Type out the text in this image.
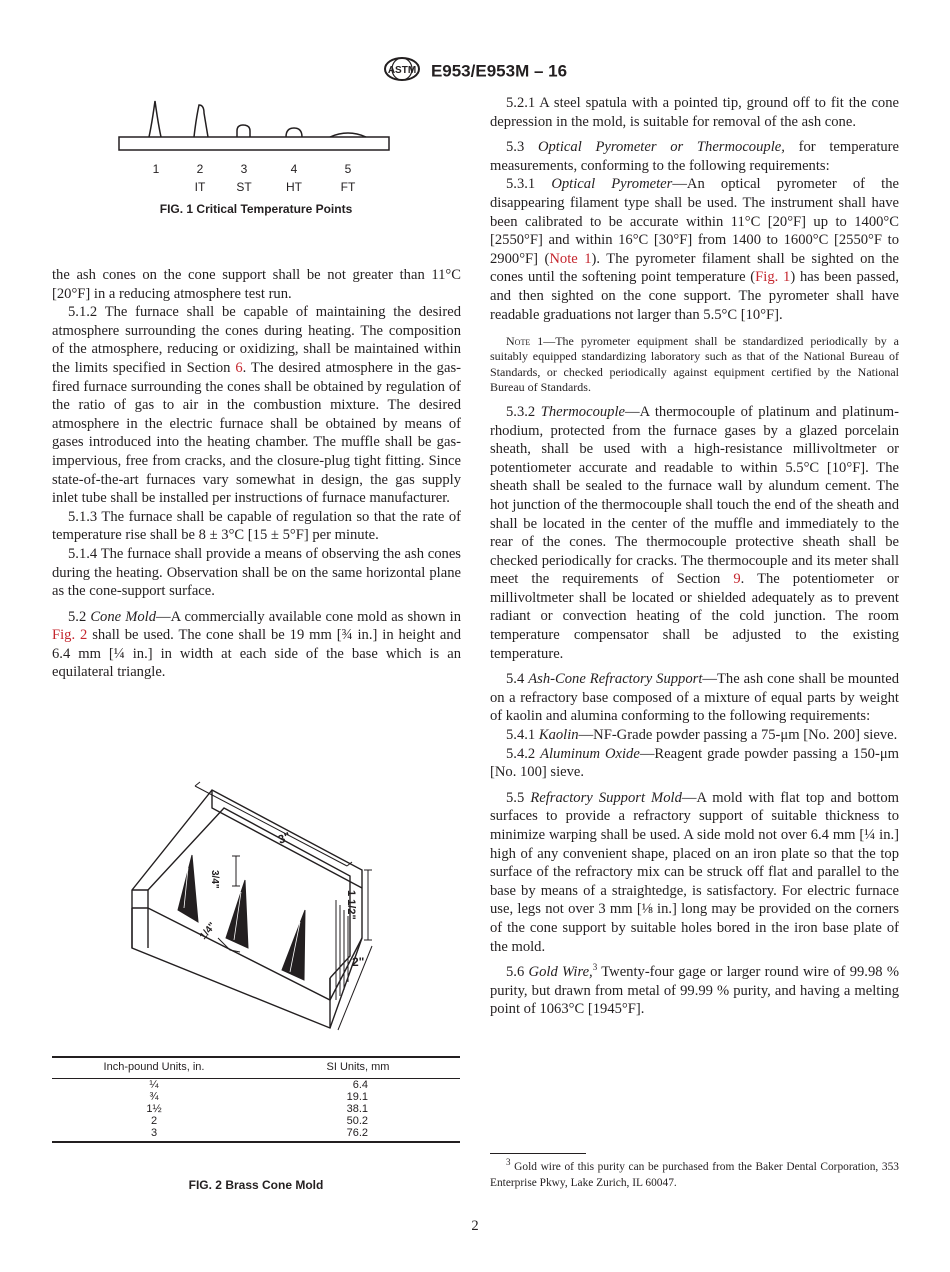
ASTM E953/E953M – 16
1	2	3	4	5
IT	ST	HT	FT
FIG. 1 Critical Temperature Points

the ash cones on the cone support shall be not greater than 11°C [20°F] in a reducing atmosphere test run.

5.1.2 The furnace shall be capable of maintaining the desired atmosphere surrounding the cones during heating. The composition of the atmosphere, reducing or oxidizing, shall be maintained within the limits specified in Section 6. The desired atmosphere in the gas-fired furnace surrounding the cones shall be obtained by regulation of the ratio of gas to air in the combustion mixture. The desired atmosphere in the electric furnace shall be obtained by means of gases introduced into the heating chamber. The muffle shall be gas-impervious, free from cracks, and the closure-plug tight fitting. Since state-of-the-art furnaces vary somewhat in design, the gas supply inlet tube shall be installed per instructions of furnace manufacturer.

5.1.3 The furnace shall be capable of regulation so that the rate of temperature rise shall be 8 ± 3°C [15 ± 5°F] per minute.

5.1.4 The furnace shall provide a means of observing the ash cones during the heating. Observation shall be on the same horizontal plane as the cone-support surface.

5.2 Cone Mold—A commercially available cone mold as shown in Fig. 2 shall be used. The cone shall be 19 mm [¾ in.] in height and 6.4 mm [¼ in.] in width at each side of the base which is an equilateral triangle.

3"
3/4"
1 1/2"
1/4"
2"
Inch-pound Units, in.	SI Units, mm
¼	6.4
¾	19.1
1½	38.1
2	50.2
3	76.2
FIG. 2 Brass Cone Mold

5.2.1 A steel spatula with a pointed tip, ground off to fit the cone depression in the mold, is suitable for removal of the ash cone.

5.3 Optical Pyrometer or Thermocouple, for temperature measurements, conforming to the following requirements:

5.3.1 Optical Pyrometer—An optical pyrometer of the disappearing filament type shall be used. The instrument shall have been calibrated to be accurate within 11°C [20°F] up to 1400°C [2550°F] and within 16°C [30°F] from 1400 to 1600°C [2550°F to 2900°F] (Note 1). The pyrometer filament shall be sighted on the cones until the softening point temperature (Fig. 1) has been passed, and then sighted on the cone support. The pyrometer shall have readable graduations not larger than 5.5°C [10°F].

Note 1—The pyrometer equipment shall be standardized periodically by a suitably equipped standardizing laboratory such as that of the National Bureau of Standards, or checked periodically against equipment certified by the National Bureau of Standards.

5.3.2 Thermocouple—A thermocouple of platinum and platinum-rhodium, protected from the furnace gases by a glazed porcelain sheath, shall be used with a high-resistance millivoltmeter or potentiometer accurate and readable to within 5.5°C [10°F]. The sheath shall be sealed to the furnace wall by alundum cement. The hot junction of the thermocouple shall touch the end of the sheath and shall be located in the center of the muffle and immediately to the rear of the cones. The thermocouple protective sheath shall be checked periodically for cracks. The thermocouple and its meter shall meet the requirements of Section 9. The potentiometer or millivoltmeter shall be located or shielded adequately as to prevent radiant or convection heating of the cold junction. The room temperature compensator shall be adjusted to the existing temperature.

5.4 Ash-Cone Refractory Support—The ash cone shall be mounted on a refractory base composed of a mixture of equal parts by weight of kaolin and alumina conforming to the following requirements:

5.4.1 Kaolin—NF-Grade powder passing a 75-μm [No. 200] sieve.

5.4.2 Aluminum Oxide—Reagent grade powder passing a 150-μm [No. 100] sieve.

5.5 Refractory Support Mold—A mold with flat top and bottom surfaces to provide a refractory support of suitable thickness to minimize warping shall be used. A side mold not over 6.4 mm [¼ in.] high of any convenient shape, placed on an iron plate so that the top surface of the refractory mix can be struck off flat and parallel to the base by means of a straightedge, is satisfactory. For electric furnace use, legs not over 3 mm [⅛ in.] long may be provided on the corners of the cone support by suitable holes bored in the iron base plate of the mold.

5.6 Gold Wire,$^3$ Twenty-four gage or larger round wire of 99.98 % purity, but drawn from metal of 99.99 % purity, and having a melting point of 1063°C [1945°F].

$^3$ Gold wire of this purity can be purchased from the Baker Dental Corporation, 353 Enterprise Pkwy, Lake Zurich, IL 60047.
2
